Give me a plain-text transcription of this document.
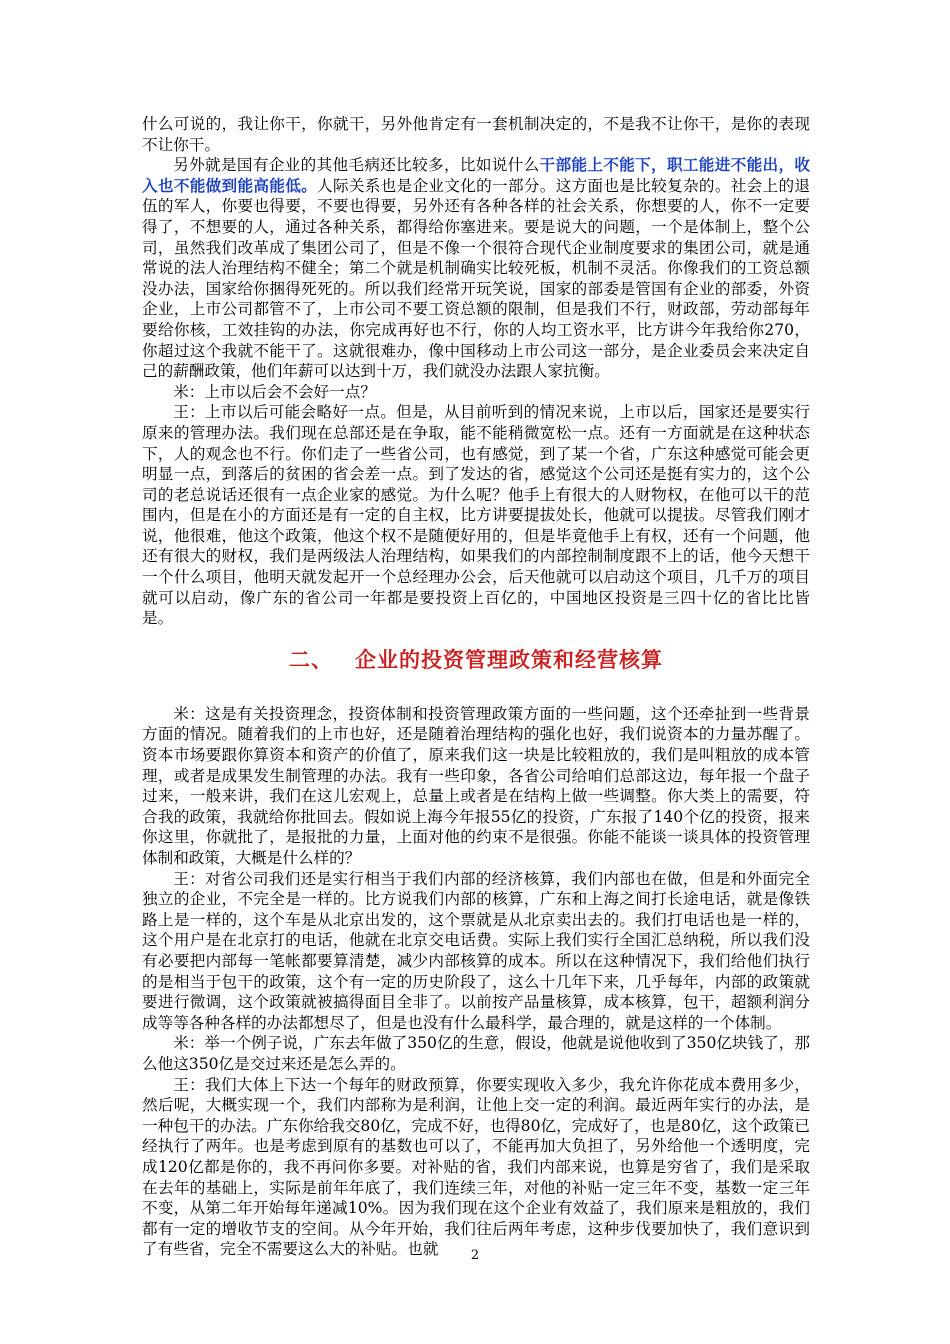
什么可说的，我让你干，你就干，另外他肯定有一套机制决定的，不是我不让你干，是你的表现不让你干。

另外就是国有企业的其他毛病还比较多，比如说什么干部能上不能下，职工能进不能出，收入也不能做到能高能低。人际关系也是企业文化的一部分。这方面也是比较复杂的。社会上的退伍的军人，你要也得要，不要也得要，另外还有各种各样的社会关系，你想要的人，你不一定要得了，不想要的人，通过各种关系，都得给你塞进来。要是说大的问题，一个是体制上，整个公司，虽然我们改革成了集团公司了，但是不像一个很符合现代企业制度要求的集团公司，就是通常说的法人治理结构不健全；第二个就是机制确实比较死板，机制不灵活。你像我们的工资总额没办法，国家给你捆得死死的。所以我们经常开玩笑说，国家的部委是管国有企业的部委，外资企业，上市公司都管不了，上市公司不要工资总额的限制，但是我们不行，财政部，劳动部每年要给你核，工效挂钩的办法，你完成再好也不行，你的人均工资水平，比方讲今年我给你270，你超过这个我就不能干了。这就很难办，像中国移动上市公司这一部分，是企业委员会来决定自己的薪酬政策，他们年薪可以达到十万，我们就没办法跟人家抗衡。

米：上市以后会不会好一点？

王：上市以后可能会略好一点。但是，从目前听到的情况来说，上市以后，国家还是要实行原来的管理办法。我们现在总部还是在争取，能不能稍微宽松一点。还有一方面就是在这种状态下，人的观念也不行。你们走了一些省公司，也有感觉，到了某一个省，广东这种感觉可能会更明显一点，到落后的贫困的省会差一点。到了发达的省，感觉这个公司还是挺有实力的，这个公司的老总说话还很有一点企业家的感觉。为什么呢？他手上有很大的人财物权，在他可以干的范围内，但是在小的方面还是有一定的自主权，比方讲要提拔处长，他就可以提拔。尽管我们刚才说，他很难，他这个政策，他这个权不是随便好用的，但是毕竟他手上有权，还有一个问题，他还有很大的财权，我们是两级法人治理结构，如果我们的内部控制制度跟不上的话，他今天想干一个什么项目，他明天就发起开一个总经理办公会，后天他就可以启动这个项目，几千万的项目就可以启动，像广东的省公司一年都是要投资上百亿的，中国地区投资是三四十亿的省比比皆是。

二、 企业的投资管理政策和经营核算

米：这是有关投资理念，投资体制和投资管理政策方面的一些问题，这个还牵扯到一些背景方面的情况。随着我们的上市也好，还是随着治理结构的强化也好，我们说资本的力量苏醒了。资本市场要跟你算资本和资产的价值了，原来我们这一块是比较粗放的，我们是叫粗放的成本管理，或者是成果发生制管理的办法。我有一些印象，各省公司给咱们总部这边，每年报一个盘子过来，一般来讲，我们在这儿宏观上，总量上或者是在结构上做一些调整。你大类上的需要，符合我的政策，我就给你批回去。假如说上海今年报55亿的投资，广东报了140个亿的投资，报来你这里，你就批了，是报批的力量，上面对他的约束不是很强。你能不能谈一谈具体的投资管理体制和政策，大概是什么样的？

王：对省公司我们还是实行相当于我们内部的经济核算，我们内部也在做，但是和外面完全独立的企业，不完全是一样的。比方说我们内部的核算，广东和上海之间打长途电话，就是像铁路上是一样的，这个车是从北京出发的，这个票就是从北京卖出去的。我们打电话也是一样的，这个用户是在北京打的电话，他就在北京交电话费。实际上我们实行全国汇总纳税，所以我们没有必要把内部每一笔帐都要算清楚，减少内部核算的成本。所以在这种情况下，我们给他们执行的是相当于包干的政策，这个有一定的历史阶段了，这么十几年下来，几乎每年，内部的政策就要进行微调，这个政策就被搞得面目全非了。以前按产品量核算，成本核算，包干，超额利润分成等等各种各样的办法都想尽了，但是也没有什么最科学，最合理的，就是这样的一个体制。

米：举一个例子说，广东去年做了350亿的生意，假设，他就是说他收到了350亿块钱了，那么他这350亿是交过来还是怎么弄的。

王：我们大体上下达一个每年的财政预算，你要实现收入多少，我允许你花成本费用多少，然后呢，大概实现一个，我们内部称为是利润，让他上交一定的利润。最近两年实行的办法，是一种包干的办法。广东你给我交80亿，完成不好，也得80亿，完成好了，也是80亿，这个政策已经执行了两年。也是考虑到原有的基数也可以了，不能再加大负担了，另外给他一个透明度，完成120亿都是你的，我不再问你多要。对补贴的省，我们内部来说，也算是穷省了，我们是采取在去年的基础上，实际是前年年底了，我们连续三年，对他的补贴一定三年不变，基数一定三年不变，从第二年开始每年递减10%。因为我们现在这个企业有效益了，我们原来是粗放的，我们都有一定的增收节支的空间。从今年开始，我们往后两年考虑，这种步伐要加快了，我们意识到了有些省，完全不需要这么大的补贴。也就	2
